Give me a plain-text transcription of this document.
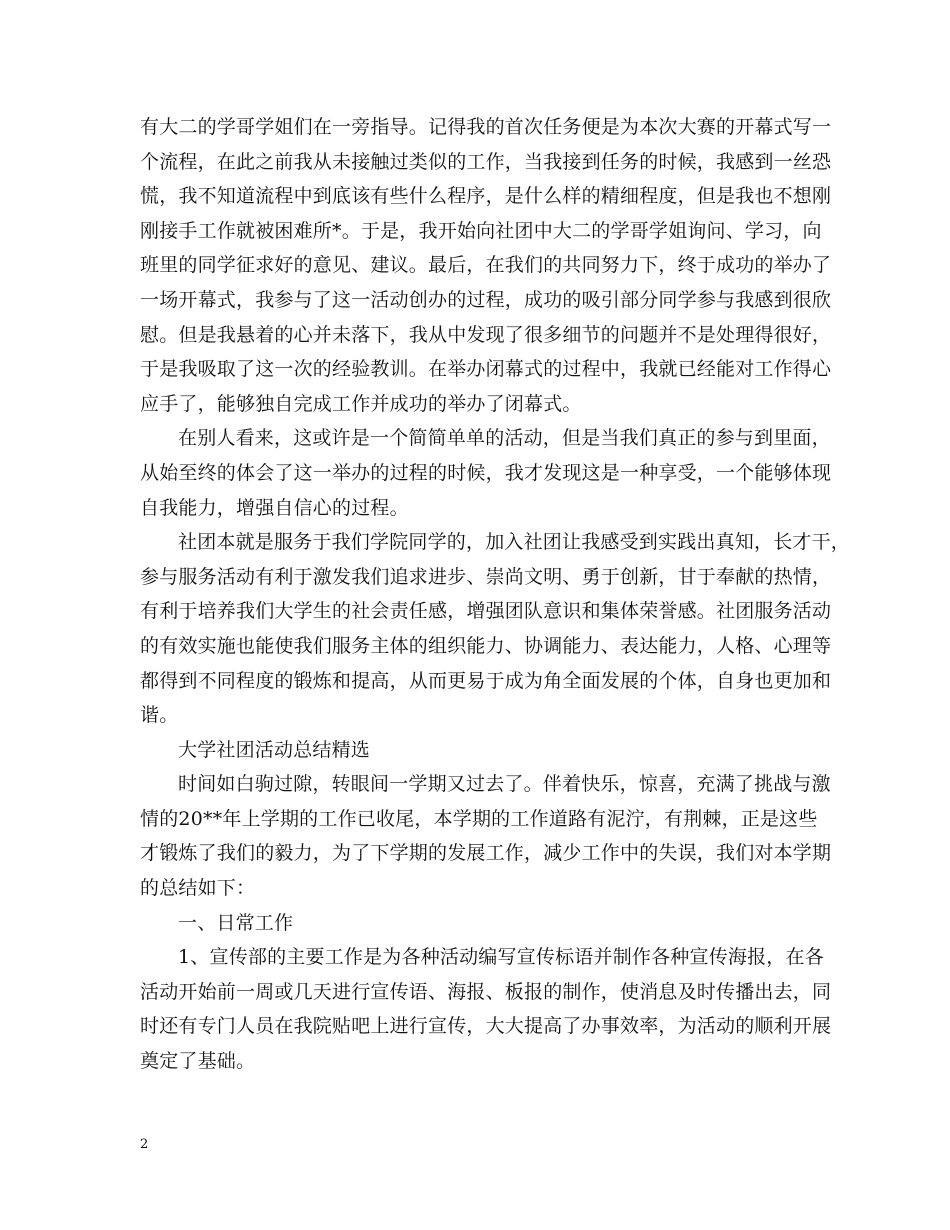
有大二的学哥学姐们在一旁指导。记得我的首次任务便是为本次大赛的开幕式写一
个流程，在此之前我从未接触过类似的工作，当我接到任务的时候，我感到一丝恐
慌，我不知道流程中到底该有些什么程序，是什么样的精细程度，但是我也不想刚
刚接手工作就被困难所*。于是，我开始向社团中大二的学哥学姐询问、学习，向
班里的同学征求好的意见、建议。最后，在我们的共同努力下，终于成功的举办了
一场开幕式，我参与了这一活动创办的过程，成功的吸引部分同学参与我感到很欣
慰。但是我悬着的心并未落下，我从中发现了很多细节的问题并不是处理得很好，
于是我吸取了这一次的经验教训。在举办闭幕式的过程中，我就已经能对工作得心
应手了，能够独自完成工作并成功的举办了闭幕式。
在别人看来，这或许是一个简简单单的活动，但是当我们真正的参与到里面，
从始至终的体会了这一举办的过程的时候，我才发现这是一种享受，一个能够体现
自我能力，增强自信心的过程。
社团本就是服务于我们学院同学的，加入社团让我感受到实践出真知，长才干，
参与服务活动有利于激发我们追求进步、崇尚文明、勇于创新，甘于奉献的热情，
有利于培养我们大学生的社会责任感，增强团队意识和集体荣誉感。社团服务活动
的有效实施也能使我们服务主体的组织能力、协调能力、表达能力，人格、心理等
都得到不同程度的锻炼和提高，从而更易于成为角全面发展的个体，自身也更加和
谐。
大学社团活动总结精选
时间如白驹过隙，转眼间一学期又过去了。伴着快乐，惊喜，充满了挑战与激
情的20**年上学期的工作已收尾，本学期的工作道路有泥泞，有荆棘，正是这些
才锻炼了我们的毅力，为了下学期的发展工作，减少工作中的失误，我们对本学期
的总结如下：
一、日常工作
1、宣传部的主要工作是为各种活动编写宣传标语并制作各种宣传海报，在各
活动开始前一周或几天进行宣传语、海报、板报的制作，使消息及时传播出去，同
时还有专门人员在我院贴吧上进行宣传，大大提高了办事效率，为活动的顺利开展
奠定了基础。
2
